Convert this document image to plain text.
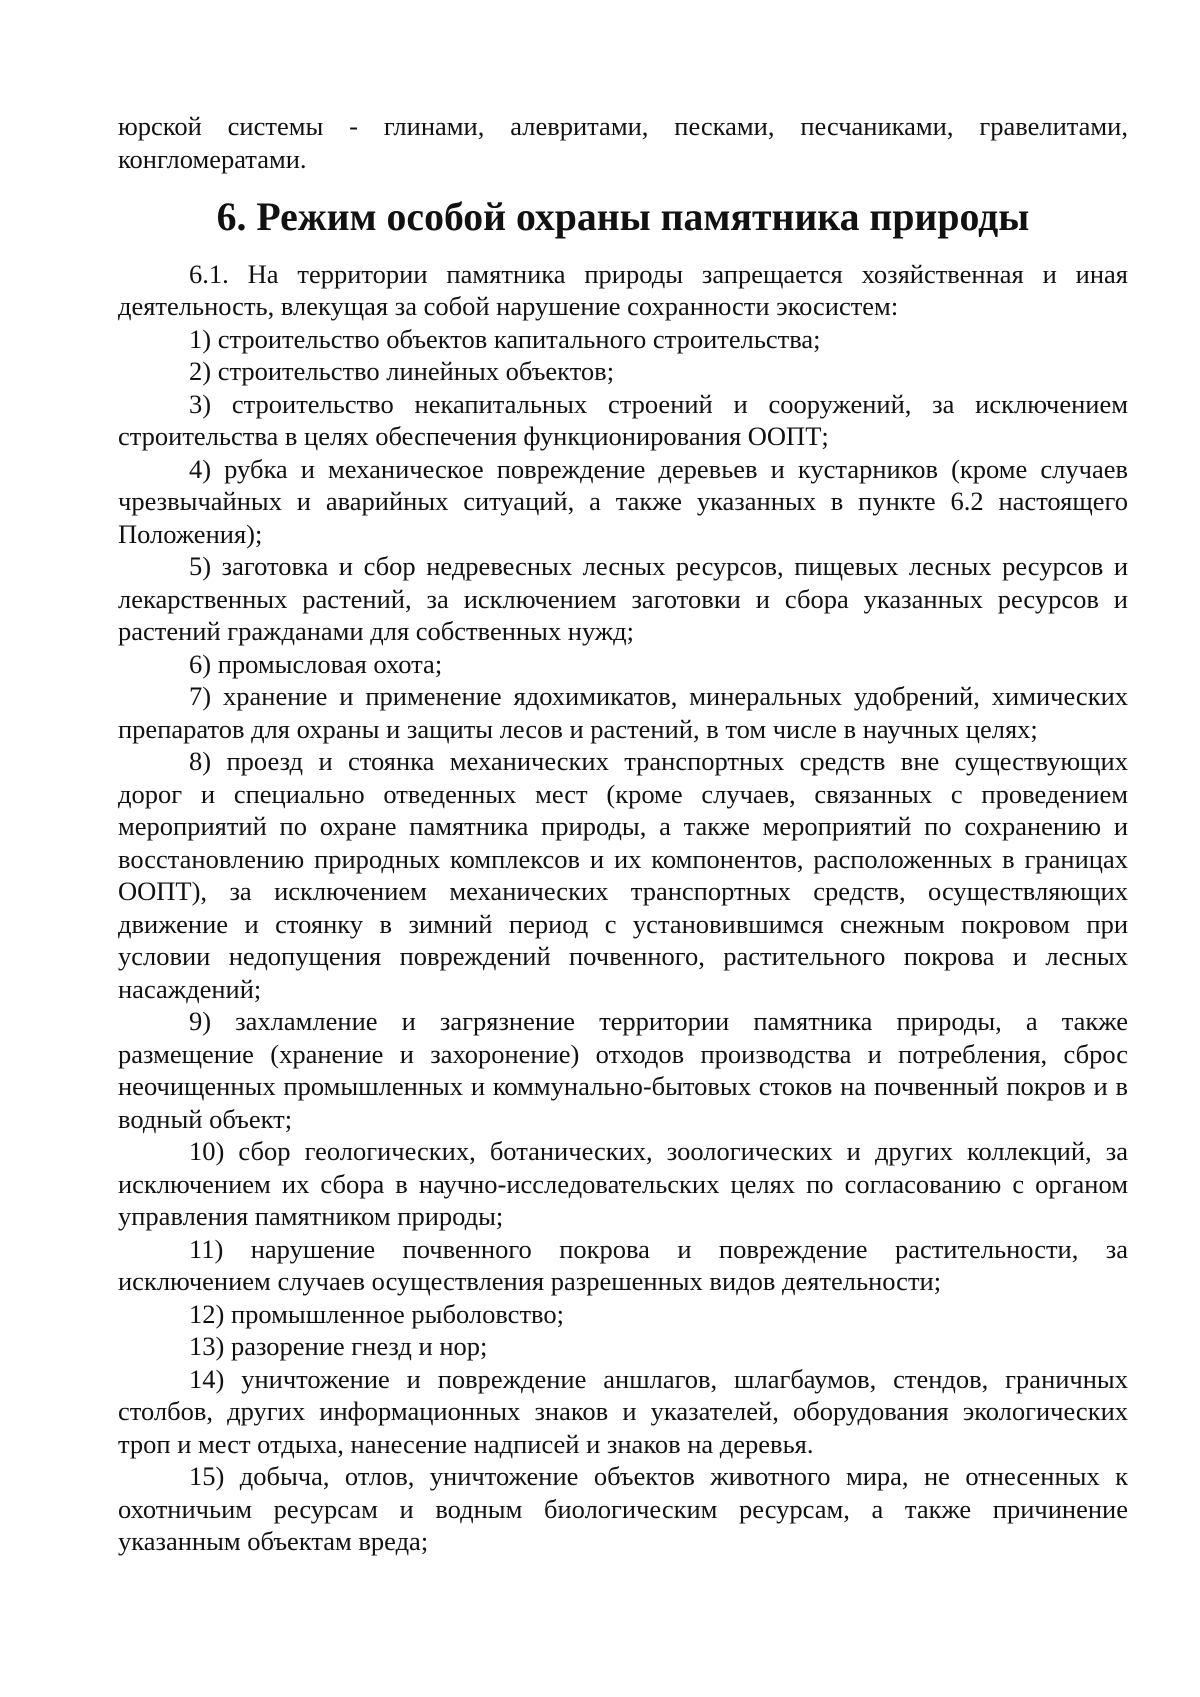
юрской системы - глинами, алевритами, песками, песчаниками, гравелитами, конгломератами.

6. Режим особой охраны памятника природы

6.1. На территории памятника природы запрещается хозяйственная и иная деятельность, влекущая за собой нарушение сохранности экосистем:

1) строительство объектов капитального строительства;

2) строительство линейных объектов;

3) строительство некапитальных строений и сооружений, за исключением строительства в целях обеспечения функционирования ООПТ;

4) рубка и механическое повреждение деревьев и кустарников (кроме случаев чрезвычайных и аварийных ситуаций, а также указанных в пункте 6.2 настоящего Положения);

5) заготовка и сбор недревесных лесных ресурсов, пищевых лесных ресурсов и лекарственных растений, за исключением заготовки и сбора указанных ресурсов и растений гражданами для собственных нужд;

6) промысловая охота;

7) хранение и применение ядохимикатов, минеральных удобрений, химических препаратов для охраны и защиты лесов и растений, в том числе в научных целях;

8) проезд и стоянка механических транспортных средств вне существующих дорог и специально отведенных мест (кроме случаев, связанных с проведением мероприятий по охране памятника природы, а также мероприятий по сохранению и восстановлению природных комплексов и их компонентов, расположенных в границах ООПТ), за исключением механических транспортных средств, осуществляющих движение и стоянку в зимний период с установившимся снежным покровом при условии недопущения повреждений почвенного, растительного покрова и лесных насаждений;

9) захламление и загрязнение территории памятника природы, а также размещение (хранение и захоронение) отходов производства и потребления, сброс неочищенных промышленных и коммунально-бытовых стоков на почвенный покров и в водный объект;

10) сбор геологических, ботанических, зоологических и других коллекций, за исключением их сбора в научно-исследовательских целях по согласованию с органом управления памятником природы;

11) нарушение почвенного покрова и повреждение растительности, за исключением случаев осуществления разрешенных видов деятельности;

12) промышленное рыболовство;

13) разорение гнезд и нор;

14) уничтожение и повреждение аншлагов, шлагбаумов, стендов, граничных столбов, других информационных знаков и указателей, оборудования экологических троп и мест отдыха, нанесение надписей и знаков на деревья.

15) добыча, отлов, уничтожение объектов животного мира, не отнесенных к охотничьим ресурсам и водным биологическим ресурсам, а также причинение указанным объектам вреда;
